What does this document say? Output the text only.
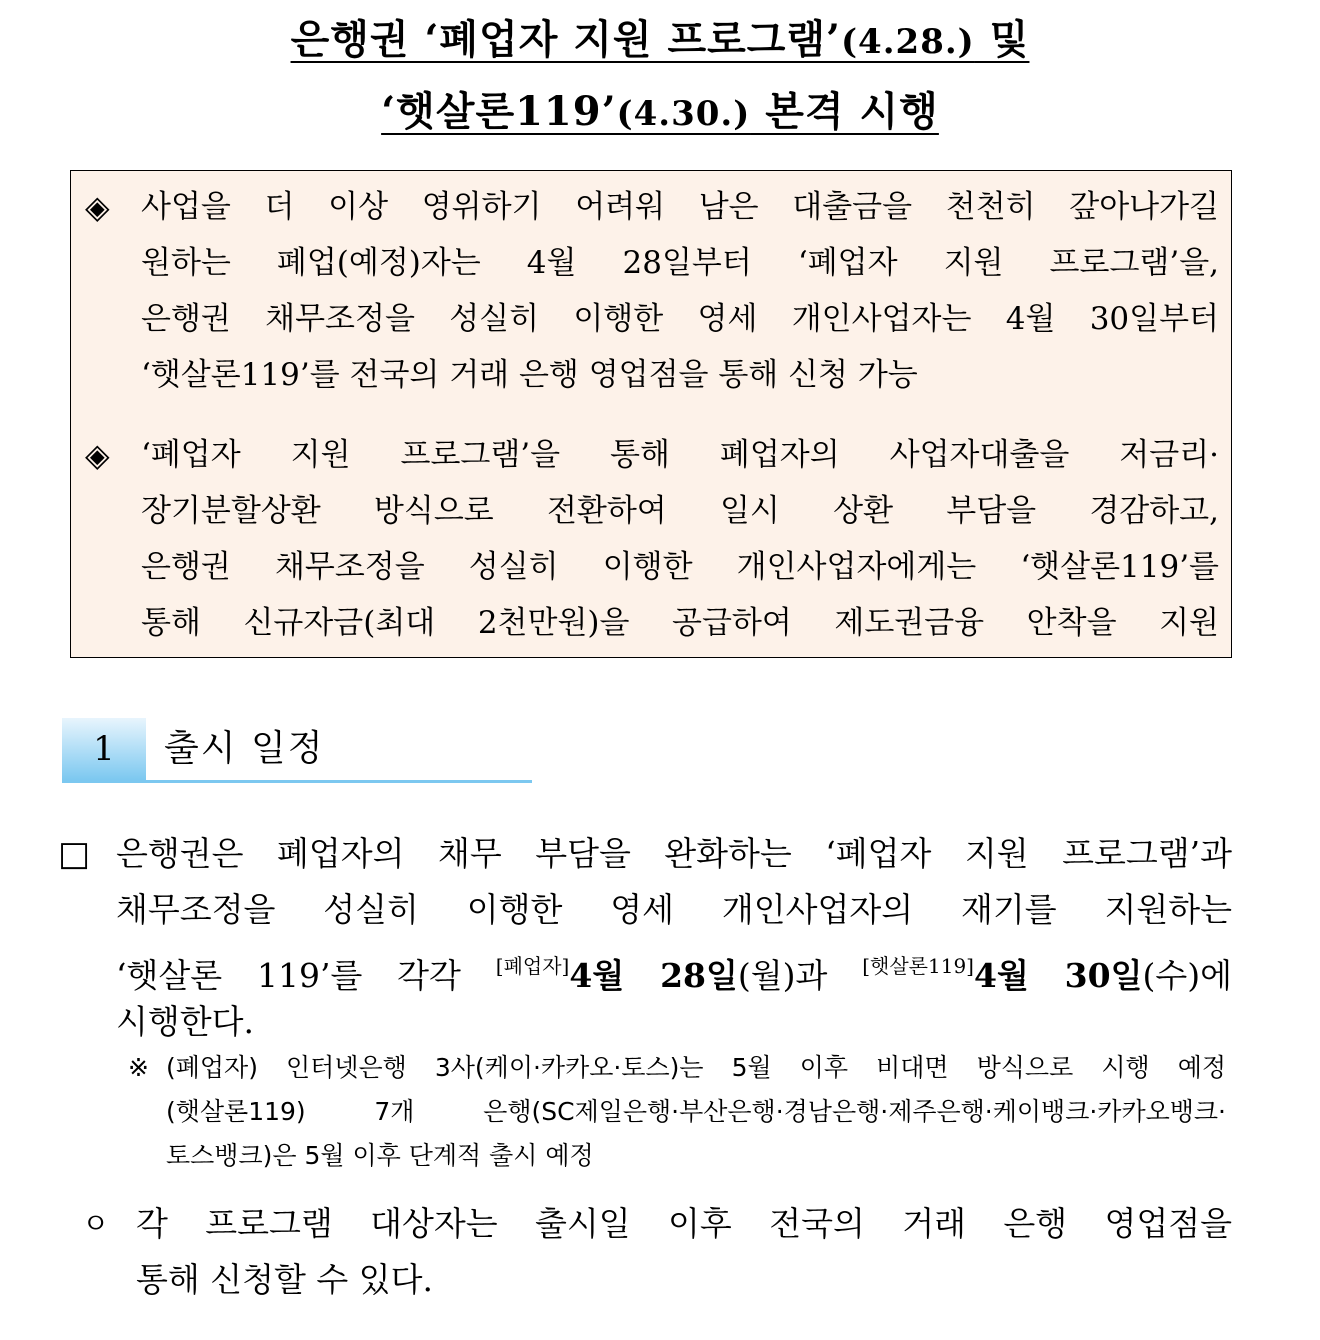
은행권 ‘폐업자 지원 프로그램’(4.28.) 및
‘햇살론119’(4.30.) 본격 시행
◈ 사업을 더 이상 영위하기 어려워 남은 대출금을 천천히 갚아나가길
원하는 폐업(예정)자는 4월 28일부터 ‘폐업자 지원 프로그램’을,
은행권 채무조정을 성실히 이행한 영세 개인사업자는 4월 30일부터
‘햇살론119’를 전국의 거래 은행 영업점을 통해 신청 가능
◈ ‘폐업자 지원 프로그램’을 통해 폐업자의 사업자대출을 저금리·
장기분할상환 방식으로 전환하여 일시 상환 부담을 경감하고,
은행권 채무조정을 성실히 이행한 개인사업자에게는 ‘햇살론119’를
통해 신규자금(최대 2천만원)을 공급하여 제도권금융 안착을 지원
1	출시 일정
□ 은행권은 폐업자의 채무 부담을 완화하는 ‘폐업자 지원 프로그램’과
채무조정을 성실히 이행한 영세 개인사업자의 재기를 지원하는
‘햇살론 119’를 각각 [폐업자]4월 28일(월)과 [햇살론119]4월 30일(수)에
시행한다.
※ (폐업자) 인터넷은행 3사(케이·카카오·토스)는 5월 이후 비대면 방식으로 시행 예정
(햇살론119) 7개 은행(SC제일은행·부산은행·경남은행·제주은행·케이뱅크·카카오뱅크·
토스뱅크)은 5월 이후 단계적 출시 예정
ㅇ 각 프로그램 대상자는 출시일 이후 전국의 거래 은행 영업점을
통해 신청할 수 있다.
